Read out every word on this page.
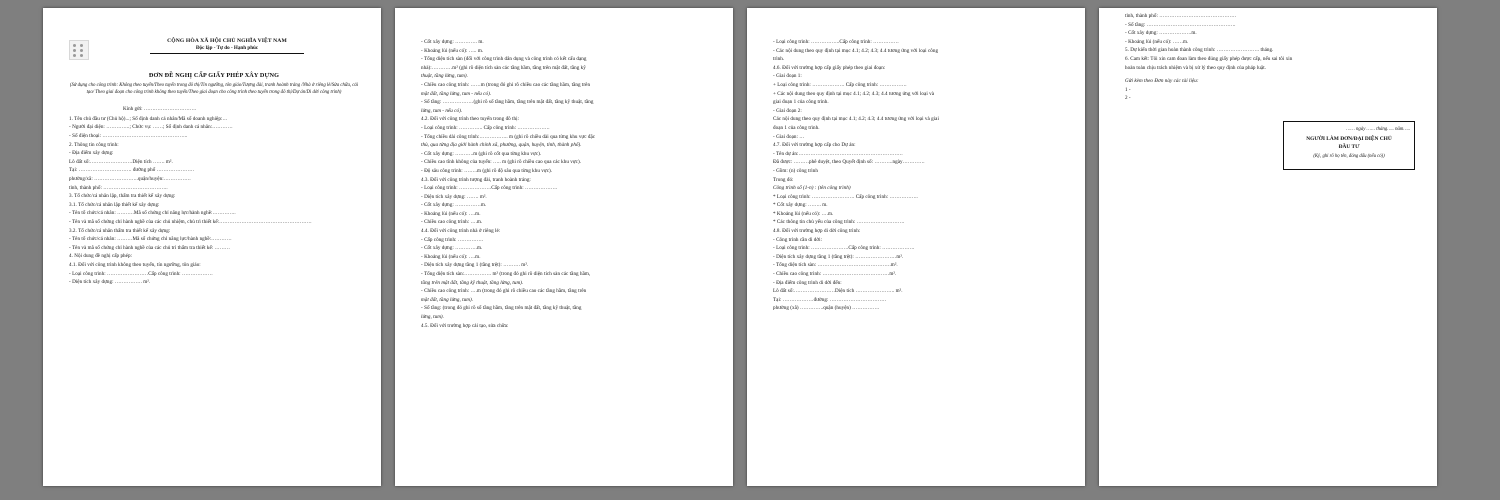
CỘNG HÒA XÃ HỘI CHỦ NGHĨA VIỆT NAM
Độc lập - Tự do - Hạnh phúc
ĐƠN ĐỀ NGHỊ CẤP GIẤY PHÉP XÂY DỰNG
(Sử dụng cho công trình: Không theo tuyến/Theo tuyến trong đô thị/Tín ngưỡng, tôn giáo/Tượng đài, tranh hoành tráng /Nhà ở riêng lẻ/Sửa chữa, cải tạo/ Theo giai đoạn cho công trình không theo tuyến/Theo giai đoạn cho công trình theo tuyến trong đô thị/Dự án/Di dời công trình)
Kính gửi: ………………………….
1. Tên chủ đầu tư (Chủ hộ)...; Số định danh cá nhân/Mã số doanh nghiệp:…
- Người đại diện: …………..; Chức vụ: ……; Số định danh cá nhân:…………
- Số điện thoại: …………………………………………..
2. Thông tin công trình:
- Địa điểm xây dựng:
Lô đất số:…………………….Diện tích ……. m².
Tại: …………………………. đường phố ………………….
phường/xã: ……………………..quận/huyện:…………….
tỉnh, thành phố: ………………………………..
3. Tổ chức/cá nhân lập, thẩm tra thiết kế xây dựng:
3.1. Tổ chức/cá nhân lập thiết kế xây dựng:
- Tên tổ chức/cá nhân: ……….Mã số chứng chỉ năng lực/hành nghề:…………..
- Tên và mã số chứng chỉ hành nghề của các chủ nhiệm, chủ trì thiết kế:………………………………………………
3.2. Tổ chức/cá nhân thẩm tra thiết kế xây dựng:
- Tên tổ chức/cá nhân: ………Mã số chứng chỉ năng lực/hành nghề:…………
- Tên và mã số chứng chỉ hành nghề của các chủ trì thẩm tra thiết kế: ………
4. Nội dung đề nghị cấp phép:
4.1. Đối với công trình không theo tuyến, tín ngưỡng, tôn giáo:
- Loại công trình: ……………………Cấp công trình: ………………
- Diện tích xây dựng: ……………. m².
- Cốt xây dựng: …………. m.
- Khoảng lùi (nếu có): ….. m.
- Tổng diện tích sàn (đối với công trình dân dụng và công trình có kết cấu dạng
nhà):…………m² (ghi rõ diện tích sàn các tầng hầm, tầng trên mặt đất, tầng kỹ
thuật, tầng lửng, tum).
- Chiều cao công trình: ……m (trong đó ghi rõ chiều cao các tầng hầm, tầng trên
mặt đất, tầng lửng, tum - nếu có).
- Số tầng: ………………(ghi rõ số tầng hầm, tầng trên mặt đất, tầng kỹ thuật, tầng
lửng, tum - nếu có).
4.2. Đối với công trình theo tuyến trong đô thị:
- Loại công trình: ………….. Cấp công trình: ……………….
- Tổng chiều dài công trình:…………….. m (ghi rõ chiều dài qua từng khu vực đặc
thù, qua từng địa giới hành chính xã, phường, quận, huyện, tỉnh, thành phố).
- Cốt xây dựng: ………..m (ghi rõ cốt qua từng khu vực).
- Chiều cao tĩnh không của tuyến: ….. m (ghi rõ chiều cao qua các khu vực).
- Độ sâu công trình: ……..m (ghi rõ độ sâu qua từng khu vực).
4.3. Đối với công trình tượng đài, tranh hoành tráng:
- Loại công trình: ……………….Cấp công trình: ……………….
- Diện tích xây dựng: ……. m².
- Cốt xây dựng: ……………m.
- Khoảng lùi (nếu có): ….m.
- Chiều cao công trình: ….m.
4.4. Đối với công trình nhà ở riêng lẻ:
- Cấp công trình: ……………
- Cốt xây dựng: ………….m.
- Khoảng lùi (nếu có): ….m.
- Diện tích xây dựng tầng 1 (tầng trệt): ………. m².
- Tổng diện tích sàn:……………. m² (trong đó ghi rõ diện tích sàn các tầng hầm,
tầng trên mặt đất, tầng kỹ thuật, tầng lửng, tum).
- Chiều cao công trình: ….m (trong đó ghi rõ chiều cao các tầng hầm, tầng trên
mặt đất, tầng lửng, tum).
- Số tầng: (trong đó ghi rõ số tầng hầm, tầng trên mặt đất, tầng kỹ thuật, tầng
lửng, tum).
4.5. Đối với trường hợp cải tạo, sửa chữa:
- Loại công trình: ……………..Cấp công trình: ……………
- Các nội dung theo quy định tại mục 4.1; 4.2; 4.3; 4.4 tương ứng với loại công
trình.
4.6. Đối với trường hợp cấp giấy phép theo giai đoạn:
- Giai đoạn 1:
+ Loại công trình: ………………. Cấp công trình: …………….
+ Các nội dung theo quy định tại mục 4.1; 4.2; 4.3; 4.4 tương ứng với loại và
giai đoạn 1 của công trình.
- Giai đoạn 2:
Các nội dung theo quy định tại mục 4.1; 4.2; 4.3; 4.4 tương ứng với loại và giai
đoạn 1 của công trình.
- Giai đoạn: …
4.7. Đối với trường hợp cấp cho Dự án:
- Tên dự án:…………………………………………………….
Đã được: ………phê duyệt, theo Quyết định số: ………..ngày………….
- Gồm: (n) công trình
Trong đó:
Công trình số (1-n) : (tên công trình)
* Loại công trình: ……………………. Cấp công trình: ……………..
* Cốt xây dựng: …….. m.
* Khoảng lùi (nếu có): ….m.
* Các thông tin chủ yếu của công trình: ……………………….
4.8. Đối với trường hợp di dời công trình:
- Công trình cần di dời:
- Loại công trình: ………………….Cấp công trình: ……………….
- Diện tích xây dựng tầng 1 (tầng trệt): ……………………m².
- Tổng diện tích sàn: …………………………………….m².
- Chiều cao công trình: …………………………………m².
- Địa điểm công trình di dời đến:
Lô đất số:……………………Diện tích ………………….. m².
Tại: ………………đường: ……………………………
phường (xã) …………..quận (huyện) …………….
tỉnh, thành phố: ………………………………………
- Số tầng: …………………………………………….
- Cốt xây dựng: ……………….m.
- Khoảng lùi (nếu có): ……m.
5. Dự kiến thời gian hoàn thành công trình: ……………………. tháng.
6. Cam kết: Tôi xin cam đoan làm theo đúng giấy phép được cấp, nếu sai tôi xin
hoàn toàn chịu trách nhiệm và bị xử lý theo quy định của pháp luật.
Gửi kèm theo Đơn này các tài liệu:
1 -
2 -
…… ngày …… tháng….. năm…..
NGƯỜI LÀM ĐƠN/ĐẠI DIỆN CHỦ
ĐẦU TƯ
(Ký, ghi rõ họ tên, đóng dấu (nếu có))
